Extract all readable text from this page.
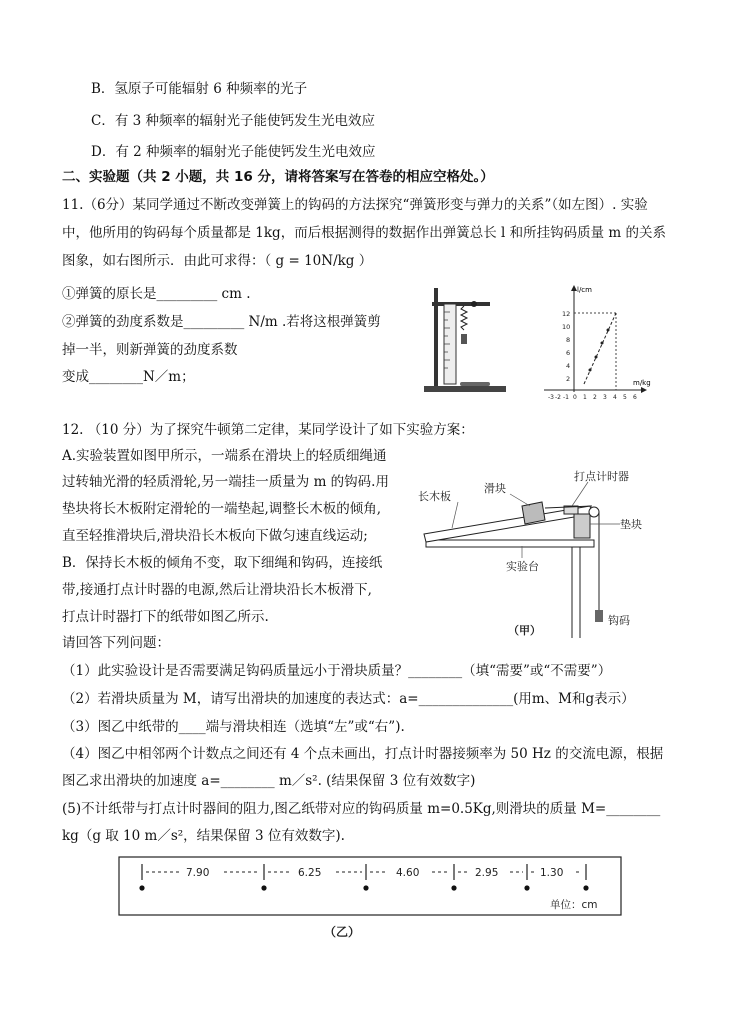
B．氢原子可能辐射 6 种频率的光子
C．有 3 种频率的辐射光子能使钙发生光电效应
D．有 2 种频率的辐射光子能使钙发生光电效应
二、实验题（共 2 小题，共 16 分，请将答案写在答卷的相应空格处。）
11.（6分）某同学通过不断改变弹簧上的钩码的方法探究“弹簧形变与弹力的关系”（如左图）. 实验
中，他所用的钩码每个质量都是 1kg，而后根据测得的数据作出弹簧总长 l 和所挂钩码质量 m 的关系
图象，如右图所示．由此可求得：（ g = 10N/kg ）
①弹簧的原长是_________ cm .
②弹簧的劲度系数是_________ N/m .若将这根弹簧剪
掉一半，则新弹簧的劲度系数
变成________N／m；
l/cm
m/kg
12
10
8
6
4
2
-3 -2 -1 0 1 2 3 4 5 6
12. （10 分）为了探究牛顿第二定律，某同学设计了如下实验方案：
A.实验装置如图甲所示，一端系在滑块上的轻质细绳通
过转轴光滑的轻质滑轮,另一端挂一质量为 m 的钩码.用
垫块将长木板附定滑轮的一端垫起,调整长木板的倾角,
直至轻推滑块后,滑块沿长木板向下做匀速直线运动;
B．保持长木板的倾角不变，取下细绳和钩码，连接纸
带,接通打点计时器的电源,然后让滑块沿长木板滑下,
打点计时器打下的纸带如图乙所示.
请回答下列问题：
（1）此实验设计是否需要满足钩码质量远小于滑块质量？________（填“需要”或“不需要”）
（2）若滑块质量为 M，请写出滑块的加速度的表达式：a=______________(用m、M和g表示）
（3）图乙中纸带的____端与滑块相连（选填“左”或“右”).
（4）图乙中相邻两个计数点之间还有 4 个点未画出，打点计时器接频率为 50 Hz 的交流电源，根据
图乙求出滑块的加速度 a=________ m／s². (结果保留 3 位有效数字)
(5)不计纸带与打点计时器间的阻力,图乙纸带对应的钩码质量 m=0.5Kg,则滑块的质量 M=________
kg（g 取 10 m／s²，结果保留 3 位有效数字).
滑块
打点计时器
长木板
垫块
实验台
钩码
（甲）
7.90	6.25	4.60	2.95	1.30
单位：cm
（乙）
